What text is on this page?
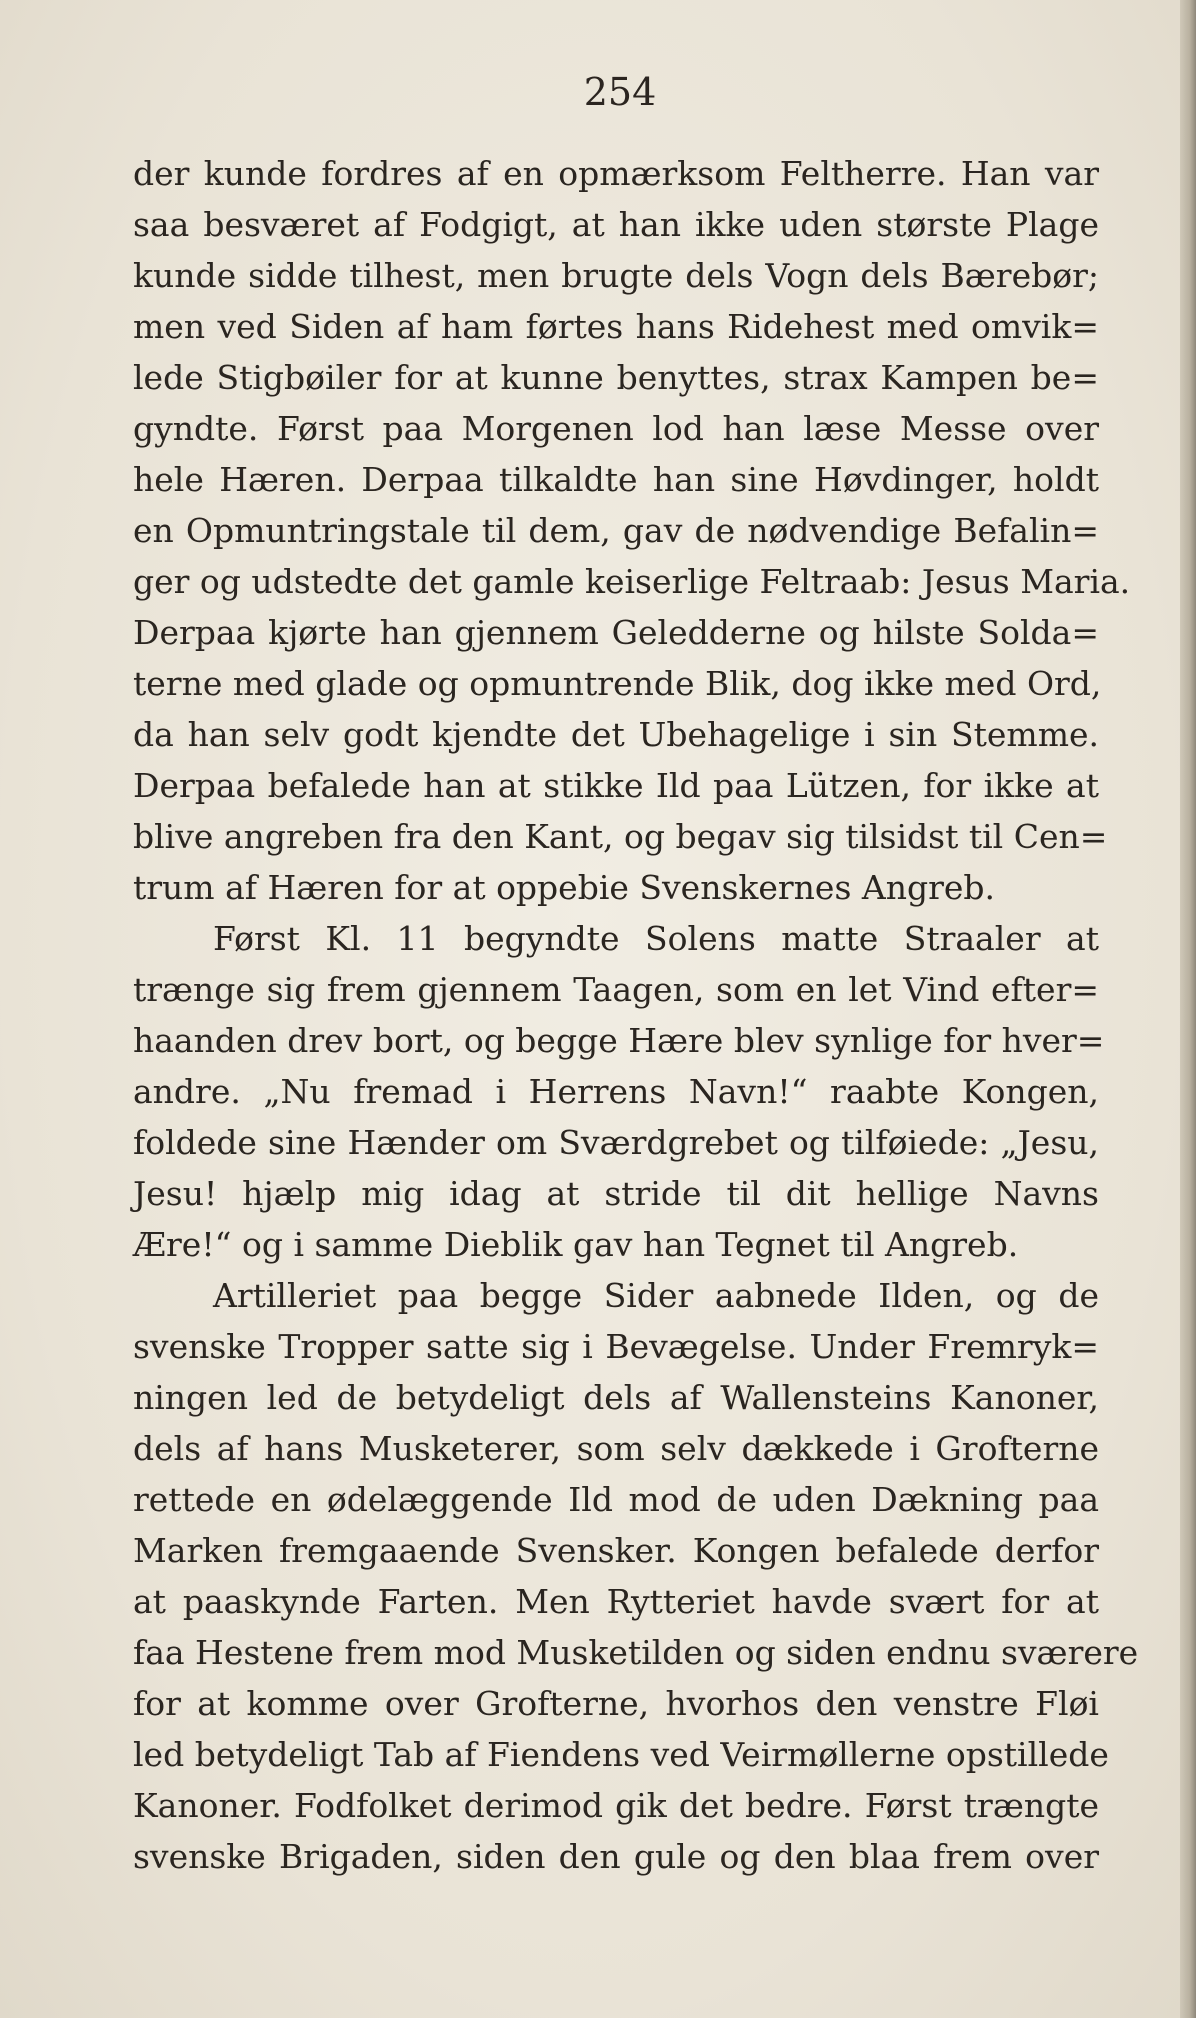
254
der kunde fordres af en opmærksom Feltherre. Han var
saa besværet af Fodgigt, at han ikke uden største Plage
kunde sidde tilhest, men brugte dels Vogn dels Bærebør;
men ved Siden af ham førtes hans Ridehest med omvik=
lede Stigbøiler for at kunne benyttes, strax Kampen be=
gyndte. Først paa Morgenen lod han læse Messe over
hele Hæren. Derpaa tilkaldte han sine Høvdinger, holdt
en Opmuntringstale til dem, gav de nødvendige Befalin=
ger og udstedte det gamle keiserlige Feltraab: Jesus Maria.
Derpaa kjørte han gjennem Geledderne og hilste Solda=
terne med glade og opmuntrende Blik, dog ikke med Ord,
da han selv godt kjendte det Ubehagelige i sin Stemme.
Derpaa befalede han at stikke Ild paa Lützen, for ikke at
blive angreben fra den Kant, og begav sig tilsidst til Cen=
trum af Hæren for at oppebie Svenskernes Angreb.
Først Kl. 11 begyndte Solens matte Straaler at
trænge sig frem gjennem Taagen, som en let Vind efter=
haanden drev bort, og begge Hære blev synlige for hver=
andre. „Nu fremad i Herrens Navn!“ raabte Kongen,
foldede sine Hænder om Sværdgrebet og tilføiede: „Jesu,
Jesu! hjælp mig idag at stride til dit hellige Navns
Ære!“ og i samme Dieblik gav han Tegnet til Angreb.
Artilleriet paa begge Sider aabnede Ilden, og de
svenske Tropper satte sig i Bevægelse. Under Fremryk=
ningen led de betydeligt dels af Wallensteins Kanoner,
dels af hans Musketerer, som selv dækkede i Grofterne
rettede en ødelæggende Ild mod de uden Dækning paa
Marken fremgaaende Svensker. Kongen befalede derfor
at paaskynde Farten. Men Rytteriet havde svært for at
faa Hestene frem mod Musketilden og siden endnu sværere
for at komme over Grofterne, hvorhos den venstre Fløi
led betydeligt Tab af Fiendens ved Veirmøllerne opstillede
Kanoner. Fodfolket derimod gik det bedre. Først trængte
svenske Brigaden, siden den gule og den blaa frem over
